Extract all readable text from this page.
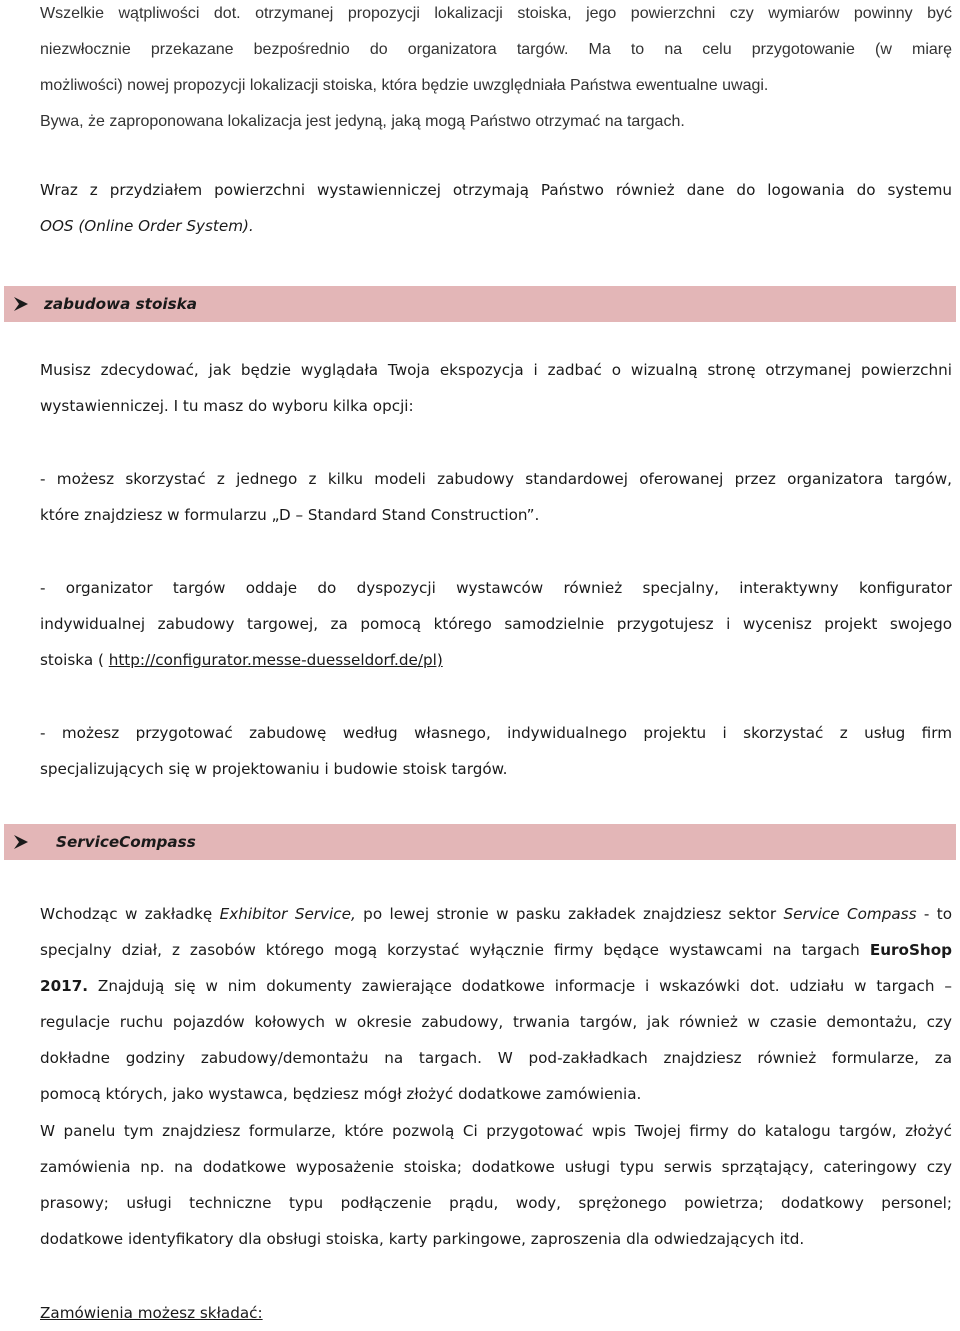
Wszelkie wątpliwości dot. otrzymanej propozycji lokalizacji stoiska, jego powierzchni czy wymiarów powinny być
niezwłocznie przekazane bezpośrednio do organizatora targów. Ma to na celu przygotowanie (w miarę
możliwości) nowej propozycji lokalizacji stoiska, która będzie uwzględniała Państwa ewentualne uwagi.
Bywa, że zaproponowana lokalizacja jest jedyną, jaką mogą Państwo otrzymać na targach.
Wraz z przydziałem powierzchni wystawienniczej otrzymają Państwo również dane do logowania do systemu
OOS (Online Order System).
zabudowa stoiska
Musisz zdecydować, jak będzie wyglądała Twoja ekspozycja i zadbać o wizualną stronę otrzymanej powierzchni
wystawienniczej. I tu masz do wyboru kilka opcji:
- możesz skorzystać z jednego z kilku modeli zabudowy standardowej oferowanej przez organizatora targów,
które znajdziesz w formularzu „D – Standard Stand Construction”.
- organizator targów oddaje do dyspozycji wystawców również specjalny, interaktywny konfigurator
indywidualnej zabudowy targowej, za pomocą którego samodzielnie przygotujesz i wycenisz projekt swojego
stoiska ( http://configurator.messe-duesseldorf.de/pl)
- możesz przygotować zabudowę według własnego, indywidualnego projektu i skorzystać z usług firm
specjalizujących się w projektowaniu i budowie stoisk targów.
ServiceCompass
Wchodząc w zakładkę Exhibitor Service, po lewej stronie w pasku zakładek znajdziesz sektor Service Compass - to
specjalny dział, z zasobów którego mogą korzystać wyłącznie firmy będące wystawcami na targach EuroShop
2017. Znajdują się w nim dokumenty zawierające dodatkowe informacje i wskazówki dot. udziału w targach –
regulacje ruchu pojazdów kołowych w okresie zabudowy, trwania targów, jak również w czasie demontażu, czy
dokładne godziny zabudowy/demontażu na targach. W pod-zakładkach znajdziesz również formularze, za
pomocą których, jako wystawca, będziesz mógł złożyć dodatkowe zamówienia.
W panelu tym znajdziesz formularze, które pozwolą Ci przygotować wpis Twojej firmy do katalogu targów, złożyć
zamówienia np. na dodatkowe wyposażenie stoiska; dodatkowe usługi typu serwis sprzątający, cateringowy czy
prasowy; usługi techniczne typu podłączenie prądu, wody, sprężonego powietrza; dodatkowy personel;
dodatkowe identyfikatory dla obsługi stoiska, karty parkingowe, zaproszenia dla odwiedzających itd.
Zamówienia możesz składać:
